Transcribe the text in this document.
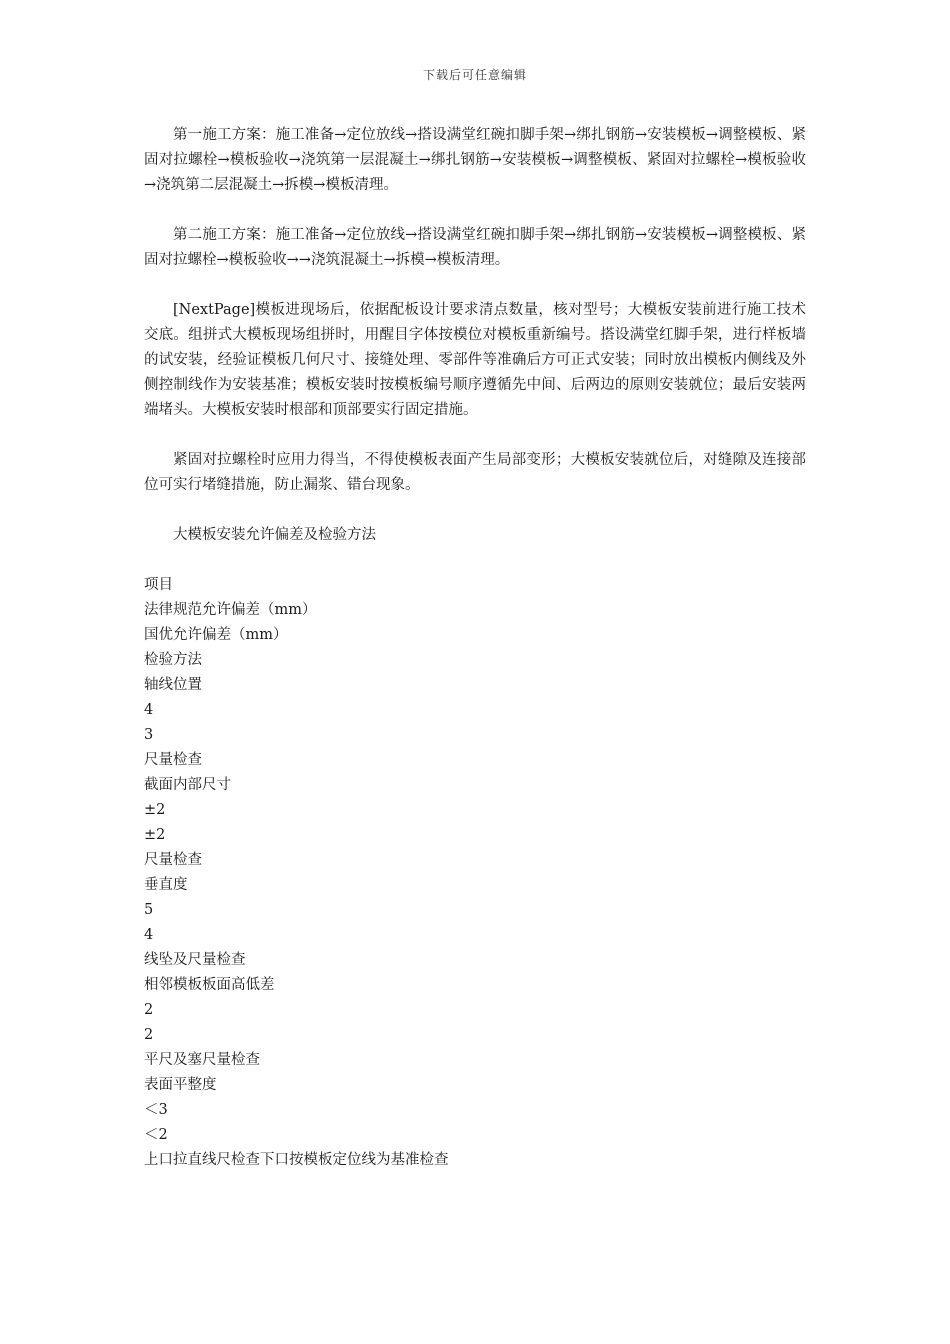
下载后可任意编辑

第一施工方案：施工准备→定位放线→搭设满堂红碗扣脚手架→绑扎钢筋→安装模板→调整模板、紧固对拉螺栓→模板验收→浇筑第一层混凝土→绑扎钢筋→安装模板→调整模板、紧固对拉螺栓→模板验收→浇筑第二层混凝土→拆模→模板清理。

第二施工方案：施工准备→定位放线→搭设满堂红碗扣脚手架→绑扎钢筋→安装模板→调整模板、紧固对拉螺栓→模板验收→→浇筑混凝土→拆模→模板清理。

[NextPage]模板进现场后，依据配板设计要求清点数量，核对型号；大模板安装前进行施工技术交底。组拼式大模板现场组拼时，用醒目字体按模位对模板重新编号。搭设满堂红脚手架，进行样板墙的试安装，经验证模板几何尺寸、接缝处理、零部件等准确后方可正式安装；同时放出模板内侧线及外侧控制线作为安装基准；模板安装时按模板编号顺序遵循先中间、后两边的原则安装就位；最后安装两端堵头。大模板安装时根部和顶部要实行固定措施。

紧固对拉螺栓时应用力得当，不得使模板表面产生局部变形；大模板安装就位后，对缝隙及连接部位可实行堵缝措施，防止漏浆、错台现象。

大模板安装允许偏差及检验方法
项目
法律规范允许偏差（mm）
国优允许偏差（mm）
检验方法
轴线位置
4
3
尺量检查
截面内部尺寸
±2
±2
尺量检查
垂直度
5
4
线坠及尺量检查
相邻模板板面高低差
2
2
平尺及塞尺量检查
表面平整度
＜3
＜2
上口拉直线尺检查下口按模板定位线为基准检查
